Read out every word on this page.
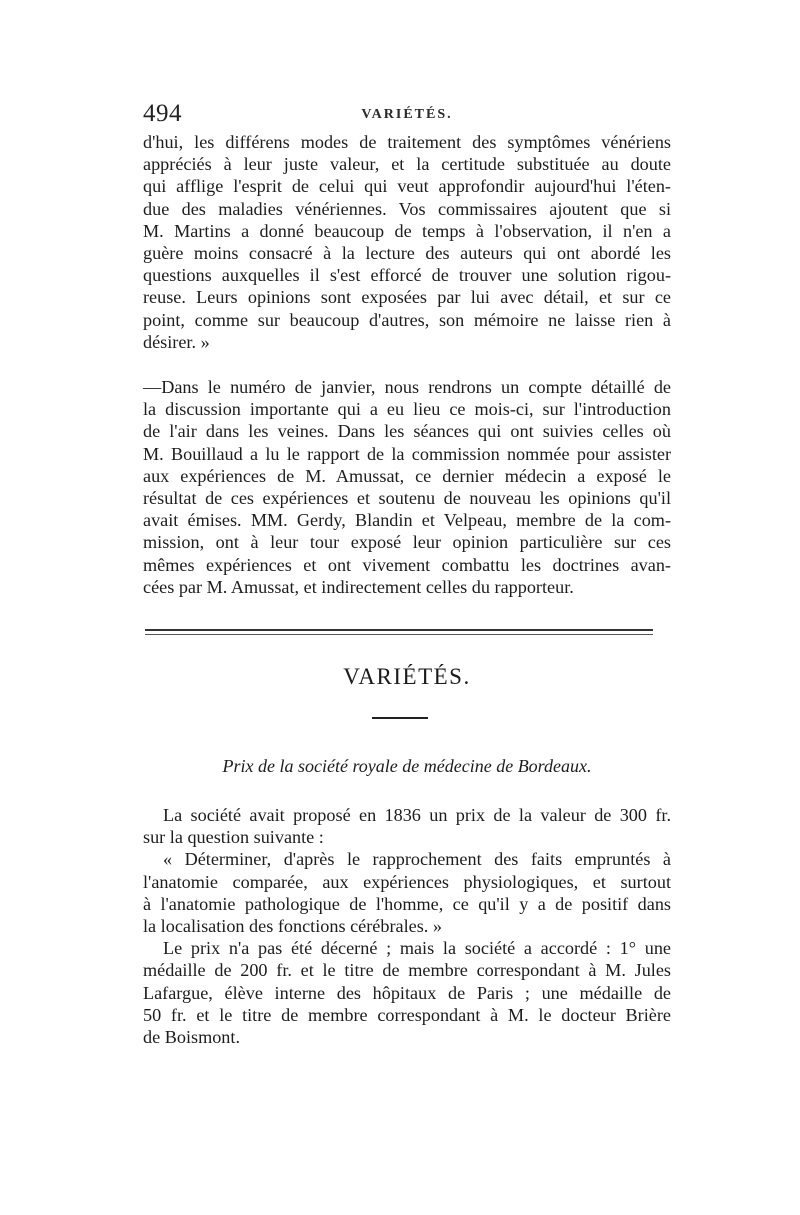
494	VARIÉTÉS.

d'hui, les différens modes de traitement des symptômes vénériens
appréciés à leur juste valeur, et la certitude substituée au doute
qui afflige l'esprit de celui qui veut approfondir aujourd'hui l'éten-
due des maladies vénériennes. Vos commissaires ajoutent que si
M. Martins a donné beaucoup de temps à l'observation, il n'en a
guère moins consacré à la lecture des auteurs qui ont abordé les
questions auxquelles il s'est efforcé de trouver une solution rigou-
reuse. Leurs opinions sont exposées par lui avec détail, et sur ce
point, comme sur beaucoup d'autres, son mémoire ne laisse rien à
désirer. »

—Dans le numéro de janvier, nous rendrons un compte détaillé de
la discussion importante qui a eu lieu ce mois-ci, sur l'introduction
de l'air dans les veines. Dans les séances qui ont suivies celles où
M. Bouillaud a lu le rapport de la commission nommée pour assister
aux expériences de M. Amussat, ce dernier médecin a exposé le
résultat de ces expériences et soutenu de nouveau les opinions qu'il
avait émises. MM. Gerdy, Blandin et Velpeau, membre de la com-
mission, ont à leur tour exposé leur opinion particulière sur ces
mêmes expériences et ont vivement combattu les doctrines avan-
cées par M. Amussat, et indirectement celles du rapporteur.

VARIÉTÉS.
Prix de la société royale de médecine de Bordeaux.

La société avait proposé en 1836 un prix de la valeur de 300 fr.
sur la question suivante :
« Déterminer, d'après le rapprochement des faits empruntés à
l'anatomie comparée, aux expériences physiologiques, et surtout
à l'anatomie pathologique de l'homme, ce qu'il y a de positif dans
la localisation des fonctions cérébrales. »
Le prix n'a pas été décerné ; mais la société a accordé : 1° une
médaille de 200 fr. et le titre de membre correspondant à M. Jules
Lafargue, élève interne des hôpitaux de Paris ; une médaille de
50 fr. et le titre de membre correspondant à M. le docteur Brière
de Boismont.
